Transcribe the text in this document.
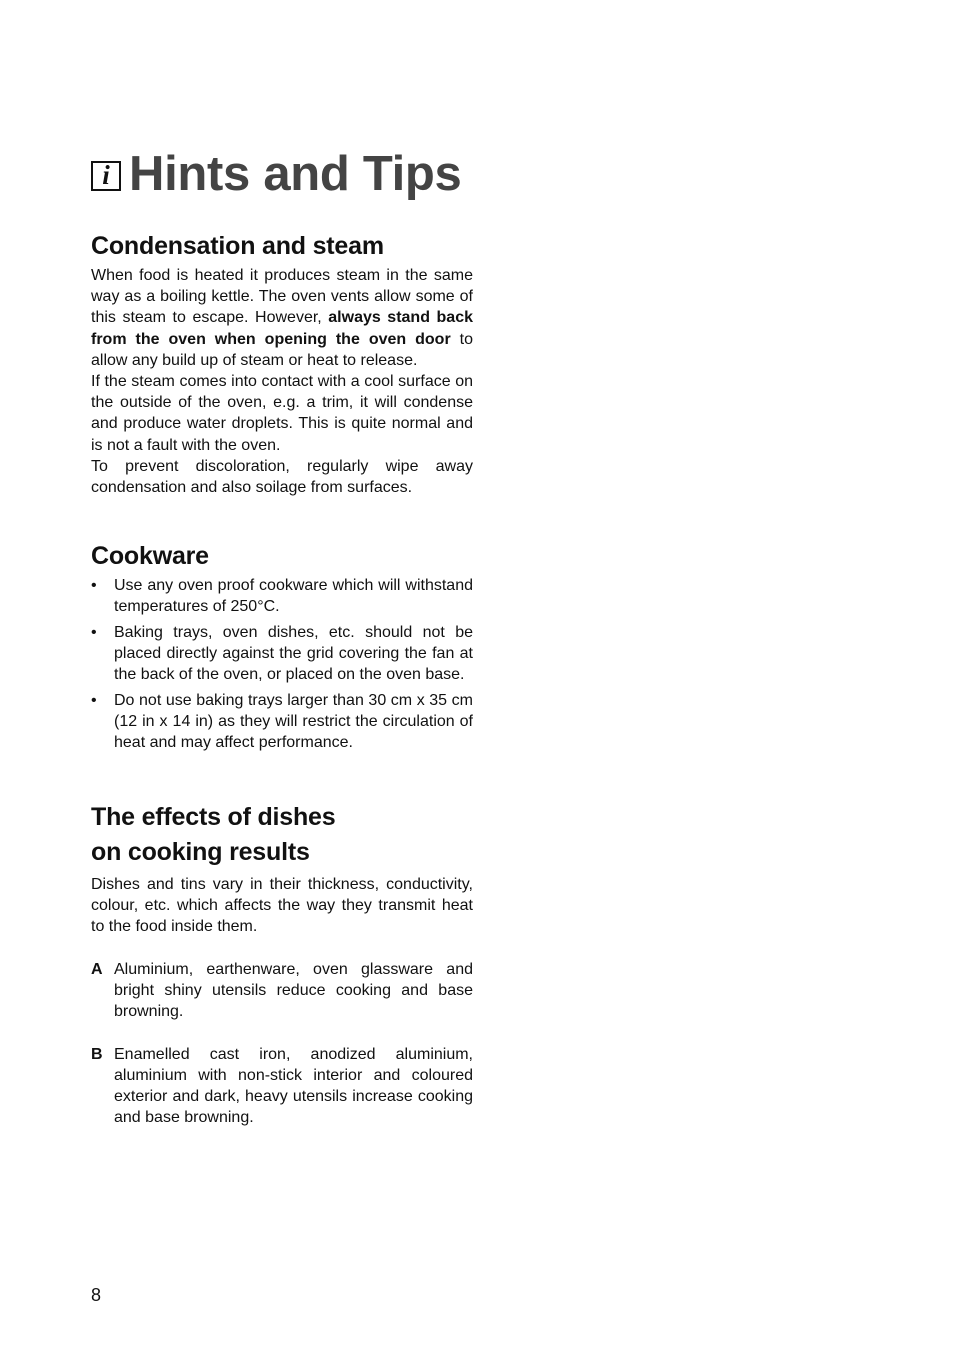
i Hints and Tips
Condensation and steam

When food is heated it produces steam in the same way as a boiling kettle. The oven vents allow some of this steam to escape. However, always stand back from the oven when opening the oven door to allow any build up of steam or heat to release.

If the steam comes into contact with a cool surface on the outside of the oven, e.g. a trim, it will condense and produce water droplets. This is quite normal and is not a fault with the oven.

To prevent discoloration, regularly wipe away condensation and also soilage from surfaces.

Cookware
• Use any oven proof cookware which will withstand temperatures of 250°C.
• Baking trays, oven dishes, etc. should not be placed directly against the grid covering the fan at the back of the oven, or placed on the oven base.
• Do not use baking trays larger than 30 cm x 35 cm (12 in x 14 in) as they will restrict the circulation of heat and may affect performance.
The effects of dishes
on cooking results

Dishes and tins vary in their thickness, conductivity, colour, etc. which affects the way they transmit heat to the food inside them.

A Aluminium, earthenware, oven glassware and bright shiny utensils reduce cooking and base browning.
B Enamelled cast iron, anodized aluminium, aluminium with non-stick interior and coloured exterior and dark, heavy utensils increase cooking and base browning.
8
